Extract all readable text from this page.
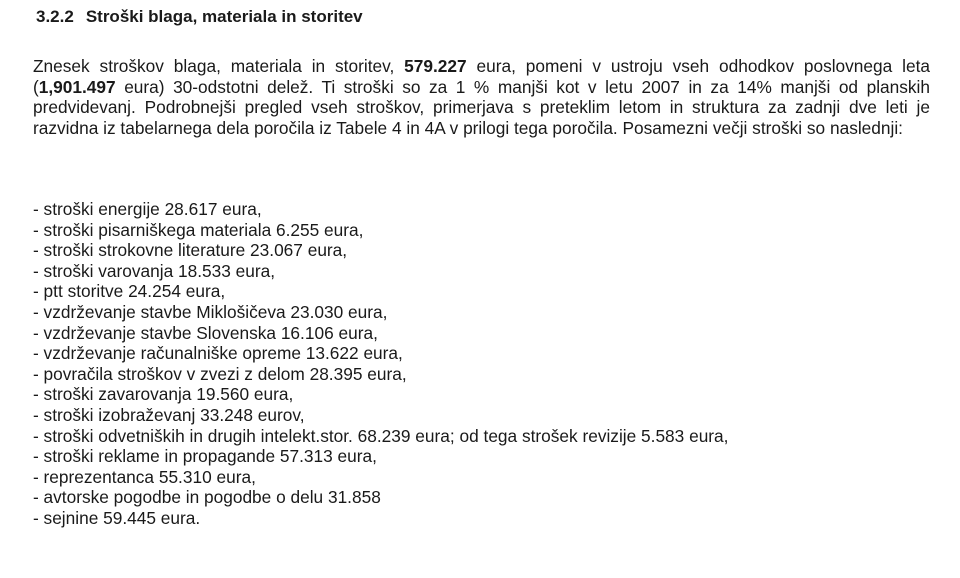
3.2.2 Stroški blaga, materiala in storitev

Znesek stroškov blaga, materiala in storitev, 579.227 eura, pomeni v ustroju vseh odhodkov poslovnega leta (1,901.497 eura) 30-odstotni delež. Ti stroški so za 1 % manjši kot v letu 2007 in za 14% manjši od planskih predvidevanj. Podrobnejši pregled vseh stroškov, primerjava s preteklim letom in struktura za zadnji dve leti je razvidna iz tabelarnega dela poročila iz Tabele 4 in 4A v prilogi tega poročila. Posamezni večji stroški so naslednji:

- stroški energije 28.617 eura,
- stroški pisarniškega materiala 6.255 eura,
- stroški strokovne literature 23.067 eura,
- stroški varovanja 18.533 eura,
- ptt storitve 24.254 eura,
- vzdrževanje stavbe Miklošičeva 23.030 eura,
- vzdrževanje stavbe Slovenska 16.106 eura,
- vzdrževanje računalniške opreme 13.622 eura,
- povračila stroškov v zvezi z delom 28.395 eura,
- stroški zavarovanja 19.560 eura,
- stroški izobraževanj 33.248 eurov,
- stroški odvetniških in drugih intelekt.stor. 68.239 eura; od tega strošek revizije 5.583 eura,
- stroški reklame in propagande 57.313 eura,
- reprezentanca 55.310 eura,
- avtorske pogodbe in pogodbe o delu 31.858
- sejnine 59.445 eura.
